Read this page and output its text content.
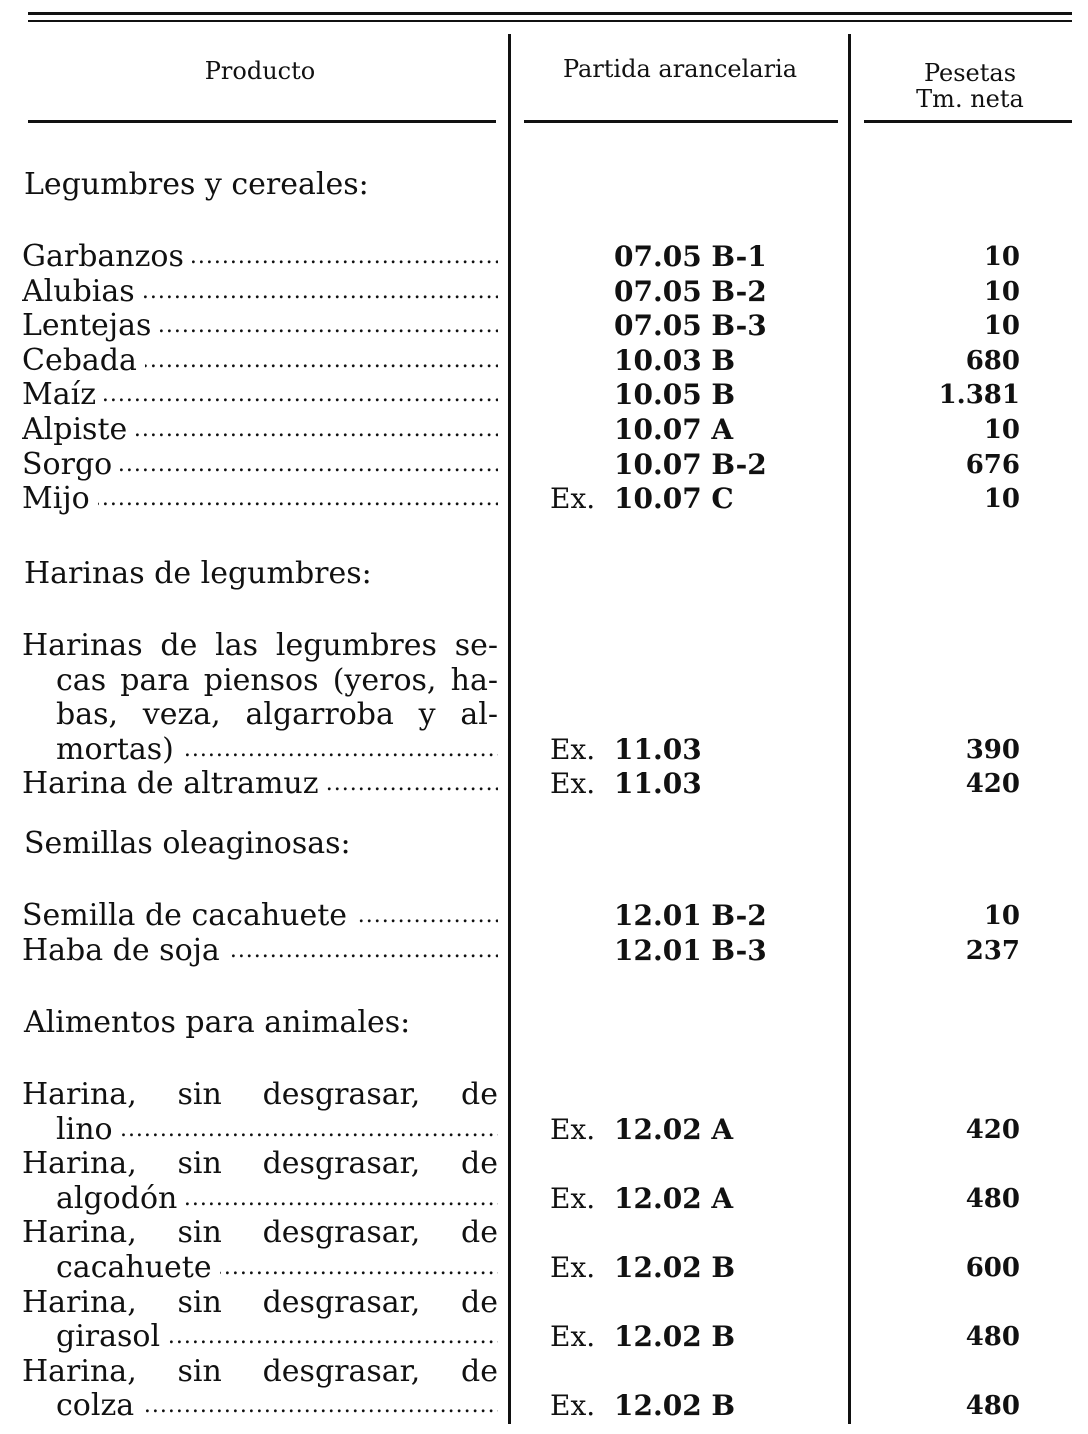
Producto	Partida arancelaria	Pesetas
Tm. neta
Legumbres y cereales:
Garbanzos .....	07.05 B-1	10
Alubias .....	07.05 B-2	10
Lentejas .....	07.05 B-3	10
Cebada .....	10.03 B	680
Maíz .....	10.05 B	1.381
Alpiste .....	10.07 A	10
Sorgo .....	10.07 B-2	676
Mijo .....	Ex. 10.07 C	10
Harinas de legumbres:
Harinas de las legumbres se-
cas para piensos (yeros, ha-
bas, veza, algarroba y al-
mortas) .....	Ex. 11.03	390
Harina de altramuz .....	Ex. 11.03	420
Semillas oleaginosas:
Semilla de cacahuete .....	12.01 B-2	10
Haba de soja .....	12.01 B-3	237
Alimentos para animales:
Harina, sin desgrasar, de
lino .....	Ex. 12.02 A	420
Harina, sin desgrasar, de
algodón .....	Ex. 12.02 A	480
Harina, sin desgrasar, de
cacahuete .....	Ex. 12.02 B	600
Harina, sin desgrasar, de
girasol .....	Ex. 12.02 B	480
Harina, sin desgrasar, de
colza .....	Ex. 12.02 B	480
